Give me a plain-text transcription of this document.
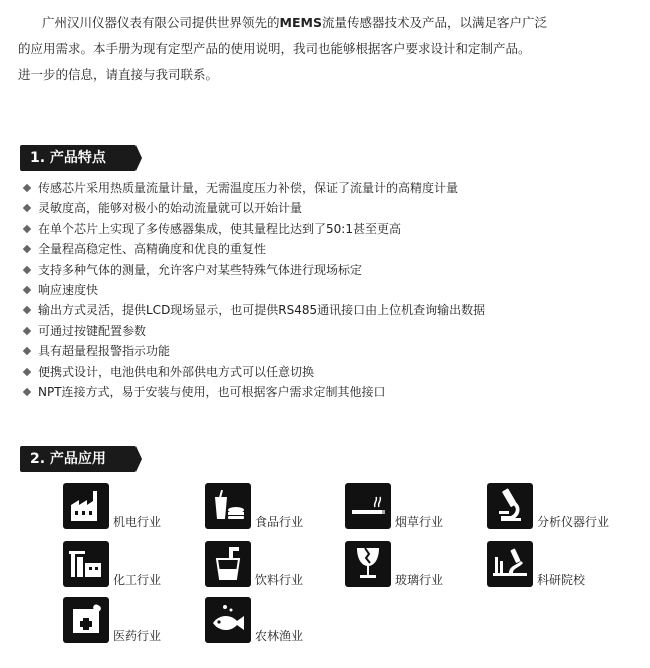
广州汉川仪器仪表有限公司提供世界领先的MEMS流量传感器技术及产品，以满足客户广泛

的应用需求。本手册为现有定型产品的使用说明，我司也能够根据客户要求设计和定制产品。

进一步的信息，请直接与我司联系。

1. 产品特点
传感芯片采用热质量流量计量，无需温度压力补偿，保证了流量计的高精度计量
灵敏度高，能够对极小的始动流量就可以开始计量
在单个芯片上实现了多传感器集成，使其量程比达到了50:1甚至更高
全量程高稳定性、高精确度和优良的重复性
支持多种气体的测量，允许客户对某些特殊气体进行现场标定
响应速度快
输出方式灵活，提供LCD现场显示，也可提供RS485通讯接口由上位机查询输出数据
可通过按键配置参数
具有超量程报警指示功能
便携式设计，电池供电和外部供电方式可以任意切换
NPT连接方式，易于安装与使用，也可根据客户需求定制其他接口
2. 产品应用
机电行业	食品行业	烟草行业	分析仪器行业
化工行业	饮料行业	玻璃行业	科研院校
医药行业	农林渔业
